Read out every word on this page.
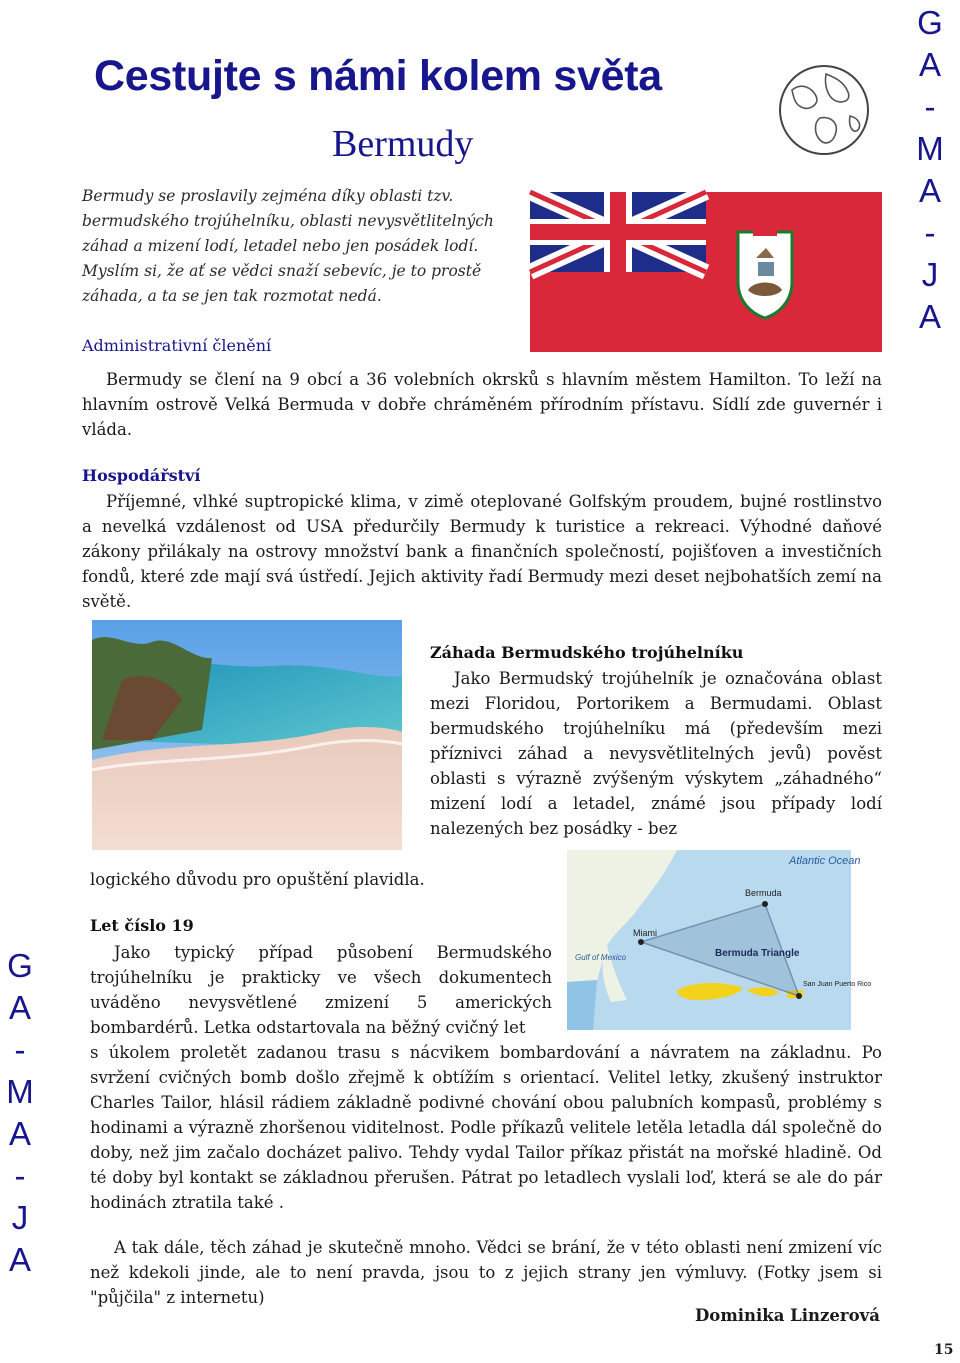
Cestujte s námi kolem světa
Bermudy
Bermudy se proslavily zejména díky oblasti tzv. bermudského trojúhelníku, oblasti nevysvětlitelných záhad a mizení lodí, letadel nebo jen posádek lodí. Myslím si, že ať se vědci snaží sebevíc, je to prostě záhada, a ta se jen tak rozmotat nedá.
Administrativní členění
Bermudy se člení na 9 obcí a 36 volebních okrsků s hlavním městem Hamilton. To leží na hlavním ostrově Velká Bermuda v dobře chráměném přírodním přístavu. Sídlí zde guvernér i vláda.
Hospodářství
Příjemné, vlhké suptropické klima, v zimě oteplované Golfským proudem, bujné rostlinstvo a nevelká vzdálenost od USA předurčily Bermudy k turistice a rekreaci. Výhodné daňové zákony přilákaly na ostrovy množství bank a finančních společností, pojišťoven a investičních fondů, které zde mají svá ústředí. Jejich aktivity řadí Bermudy mezi deset nejbohatších zemí na světě.
Záhada Bermudského trojúhelníku
Jako Bermudský trojúhelník je označována oblast mezi Floridou, Portorikem a Bermudami. Oblast bermudského trojúhelníku má (především mezi příznivci záhad a nevysvětlitelných jevů) pověst oblasti s výrazně zvýšeným výskytem „záhadného“ mizení lodí a letadel, známé jsou případy lodí nalezených bez posádky - bez
logického důvodu pro opuštění plavidla.
Atlantic Ocean
Miami
Bermuda
Bermuda Triangle
Gulf of Mexico
San Juan Puerto Rico
Let číslo 19
Jako typický případ působení Bermudského trojúhelníku je prakticky ve všech dokumentech uváděno nevysvětlené zmizení 5 amerických bombardérů. Letka odstartovala na běžný cvičný let
s úkolem proletět zadanou trasu s nácvikem bombardování a návratem na základnu. Po svržení cvičných bomb došlo zřejmě k obtížím s orientací. Velitel letky, zkušený instruktor Charles Tailor, hlásil rádiem základně podivné chování obou palubních kompasů, problémy s hodinami a výrazně zhoršenou viditelnost. Podle příkazů velitele letěla letadla dál společně do doby, než jim začalo docházet palivo. Tehdy vydal Tailor příkaz přistát na mořské hladině. Od té doby byl kontakt se základnou přerušen. Pátrat po letadlech vyslali loď, která se ale do pár hodinách ztratila také .
A tak dále, těch záhad je skutečně mnoho. Vědci se brání, že v této oblasti není zmizení víc než kdekoli jinde, ale to není pravda, jsou to z jejich strany jen výmluvy. (Fotky jsem si "půjčila" z internetu)
Dominika Linzerová
15
G
A
-
M
A
-
J
A
G
A
-
M
A
-
J
A
